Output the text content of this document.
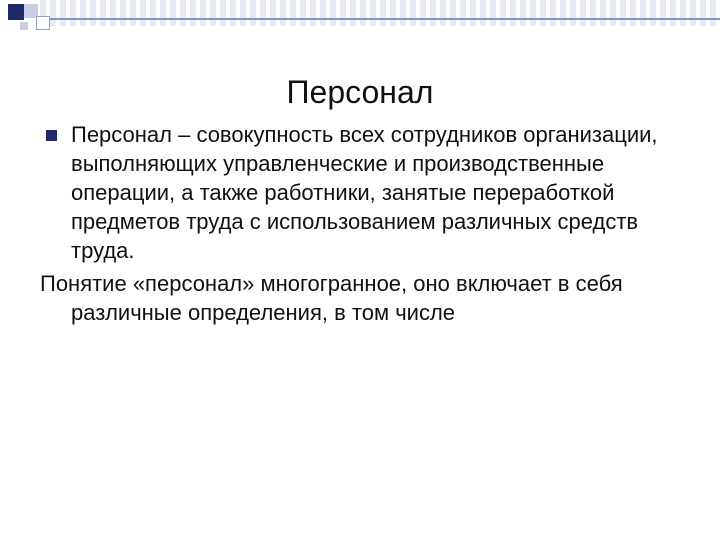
Персонал

Персонал – совокупность всех сотрудников организации, выполняющих управленческие и производственные операции, а также работники, занятые переработкой предметов труда с использованием различных средств труда.

Понятие «персонал» многогранное, оно включает в себя различные определения, в том числе
